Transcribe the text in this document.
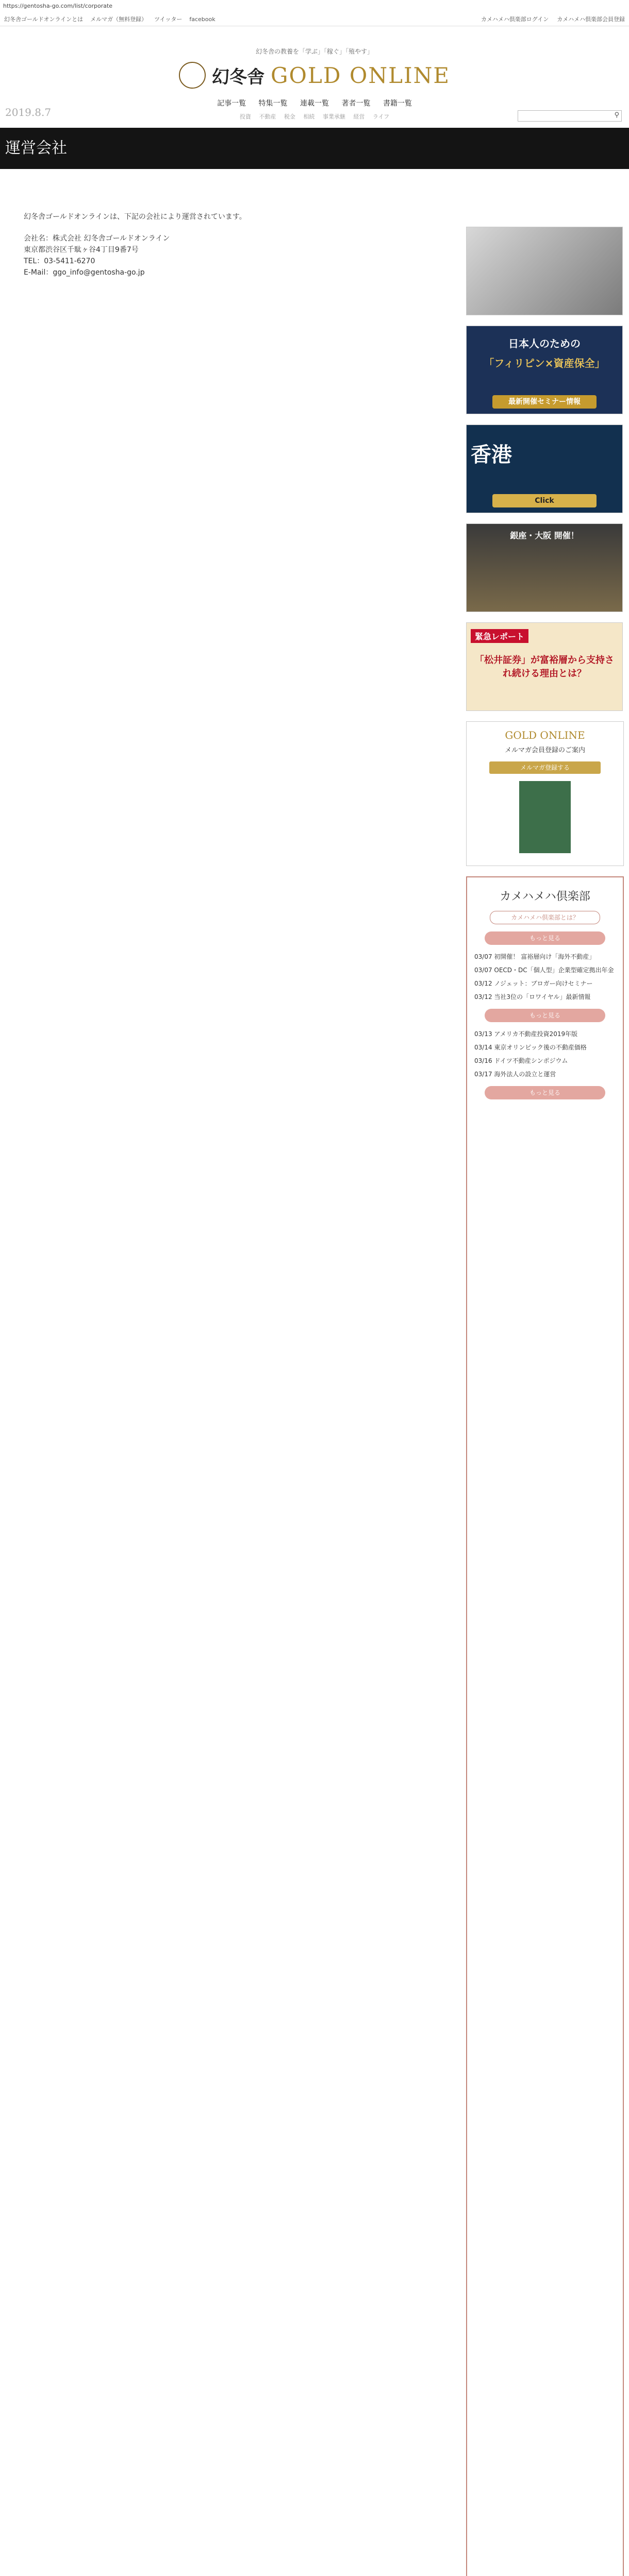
https://gentosha-go.com/list/corporate
幻冬舎ゴールドオンラインとは メルマガ（無料登録） ツイッター facebook	カメハメハ倶楽部ログイン カメハメハ倶楽部会員登録
幻冬舎の教養を「学ぶ」「稼ぐ」「殖やす」
幻冬舎 GOLD ONLINE
記事一覧 特集一覧 連載一覧 著者一覧 書籍一覧
投資 不動産 税金 相続 事業承継 経営 ライフ
2019.8.7	⚲
運営会社

幻冬舎ゴールドオンラインは、下記の会社により運営されています。

会社名：株式会社 幻冬舎ゴールドオンライン
東京都渋谷区千駄ヶ谷4丁目9番7号
TEL：03-5411-6270
E-Mail：ggo_info@gentosha-go.jp
日本人のための
「フィリピン×資産保全」
最新開催セミナー情報
香港
Click
銀座・大阪 開催！
緊急レポート
「松井証券」が富裕層から支持され続ける理由とは？
GOLD ONLINE
メルマガ会員登録のご案内
メルマガ登録する
カメハメハ倶楽部
カメハメハ倶楽部とは？
もっと見る
03/07 初開催！ 富裕層向け「海外不動産」
03/07 OECD・DC「個人型」企業型確定拠出年金
03/12 ノジェット：ブロガー向けセミナー
03/12 当社3位の「ロワイヤル」最新情報
もっと見る
03/13 アメリカ不動産投資2019年版
03/14 東京オリンピック後の不動産価格
03/16 ドイツ不動産シンポジウム
03/17 海外法人の設立と運営
もっと見る
